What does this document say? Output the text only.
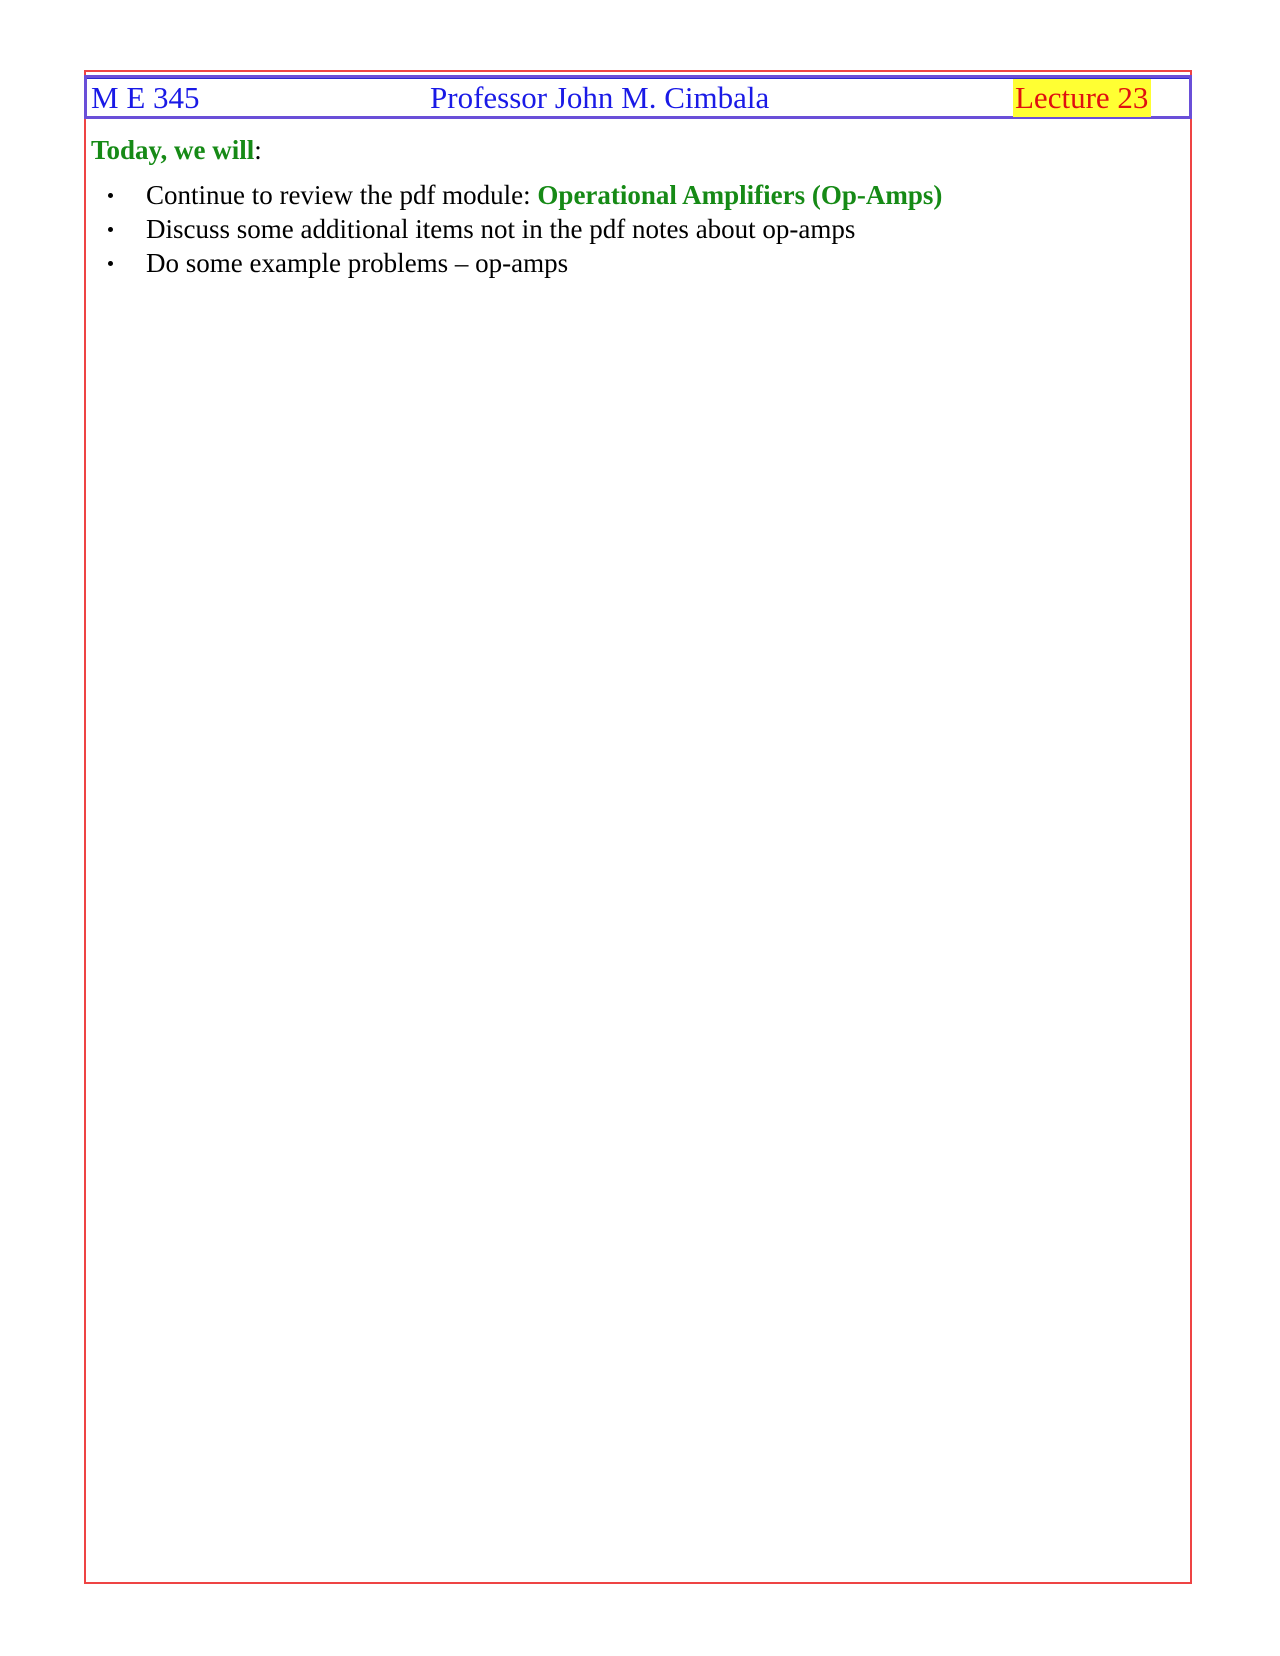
M E 345	Professor John M. Cimbala	Lecture 23
Today, we will:
Continue to review the pdf module: Operational Amplifiers (Op-Amps)
Discuss some additional items not in the pdf notes about op-amps
Do some example problems – op-amps
